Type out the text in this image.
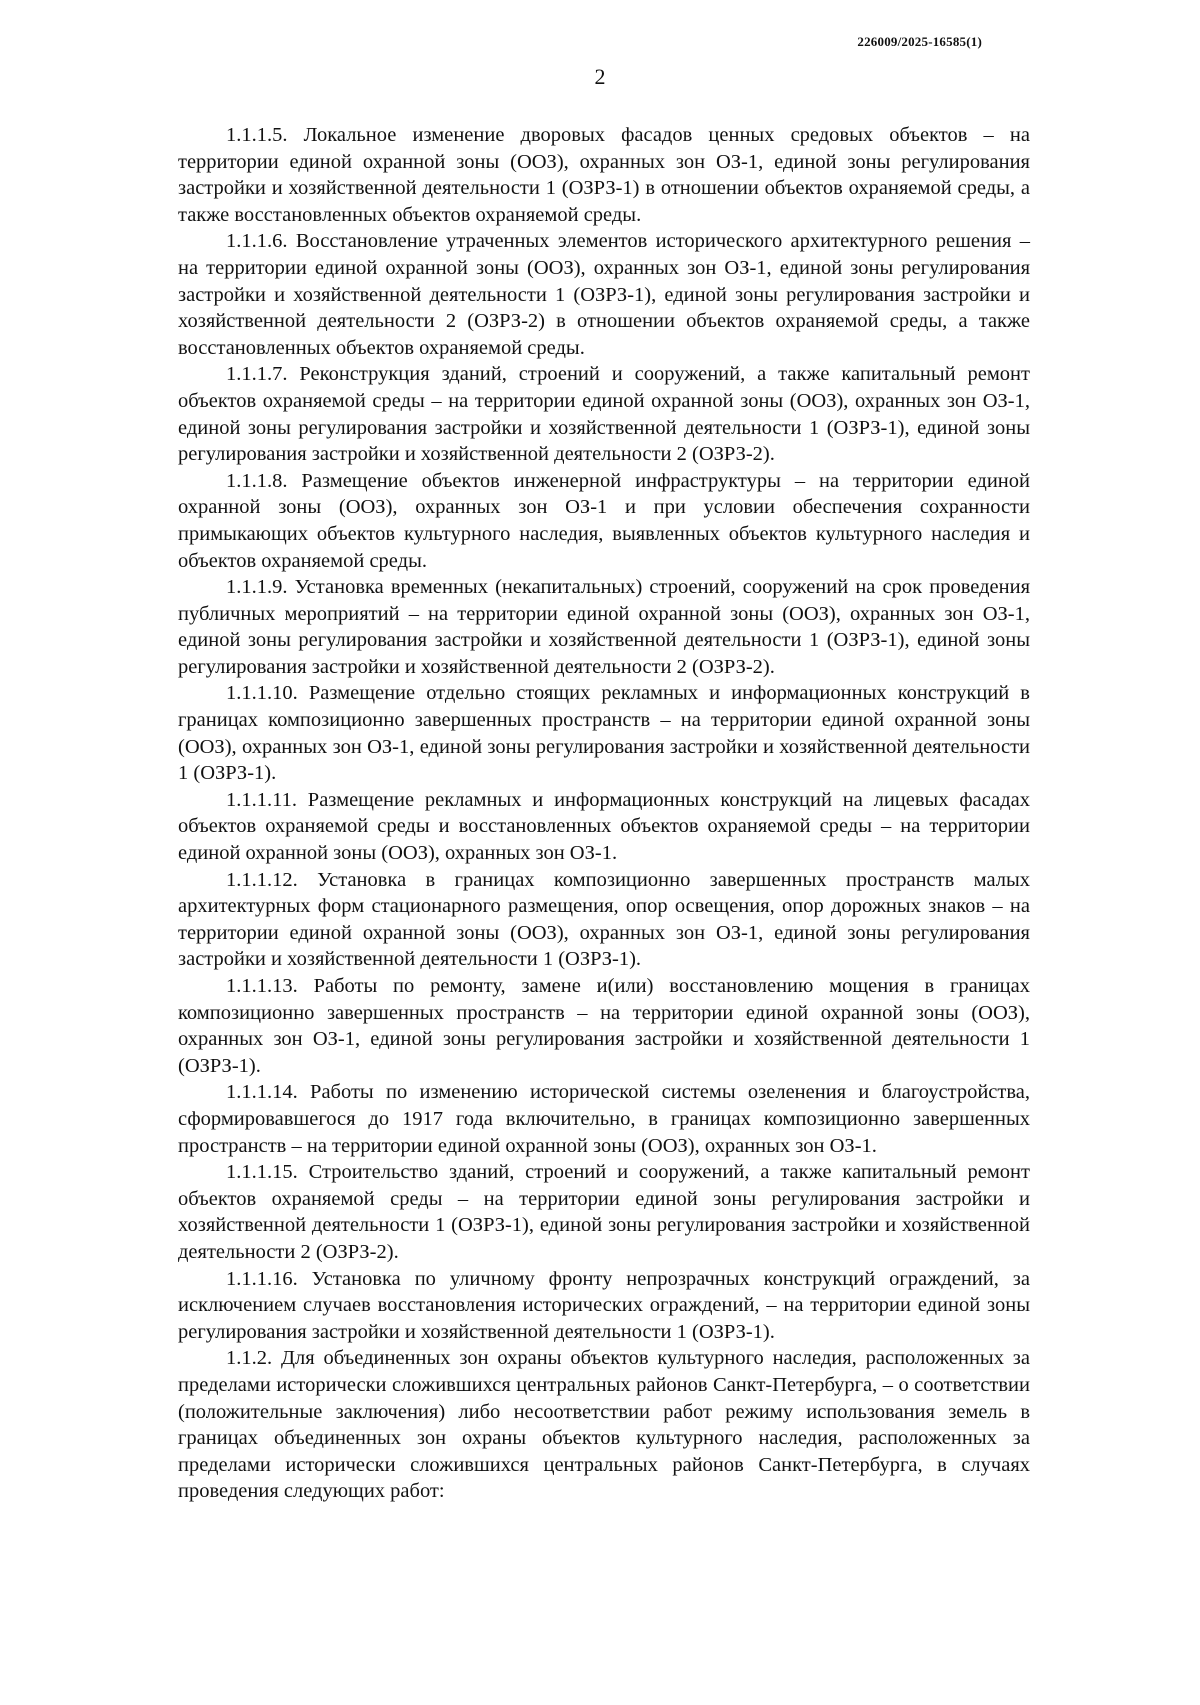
226009/2025-16585(1)
2

1.1.1.5. Локальное изменение дворовых фасадов ценных средовых объектов – на территории единой охранной зоны (ООЗ), охранных зон ОЗ-1, единой зоны регулирования застройки и хозяйственной деятельности 1 (ОЗРЗ-1) в отношении объектов охраняемой среды, а также восстановленных объектов охраняемой среды.

1.1.1.6. Восстановление утраченных элементов исторического архитектурного решения – на территории единой охранной зоны (ООЗ), охранных зон ОЗ-1, единой зоны регулирования застройки и хозяйственной деятельности 1 (ОЗРЗ-1), единой зоны регулирования застройки и хозяйственной деятельности 2 (ОЗРЗ-2) в отношении объектов охраняемой среды, а также восстановленных объектов охраняемой среды.

1.1.1.7. Реконструкция зданий, строений и сооружений, а также капитальный ремонт объектов охраняемой среды – на территории единой охранной зоны (ООЗ), охранных зон ОЗ-1, единой зоны регулирования застройки и хозяйственной деятельности 1 (ОЗРЗ-1), единой зоны регулирования застройки и хозяйственной деятельности 2 (ОЗРЗ-2).

1.1.1.8. Размещение объектов инженерной инфраструктуры – на территории единой охранной зоны (ООЗ), охранных зон ОЗ-1 и при условии обеспечения сохранности примыкающих объектов культурного наследия, выявленных объектов культурного наследия и объектов охраняемой среды.

1.1.1.9. Установка временных (некапитальных) строений, сооружений на срок проведения публичных мероприятий – на территории единой охранной зоны (ООЗ), охранных зон ОЗ-1, единой зоны регулирования застройки и хозяйственной деятельности 1 (ОЗРЗ-1), единой зоны регулирования застройки и хозяйственной деятельности 2 (ОЗРЗ-2).

1.1.1.10. Размещение отдельно стоящих рекламных и информационных конструкций в границах композиционно завершенных пространств – на территории единой охранной зоны (ООЗ), охранных зон ОЗ-1, единой зоны регулирования застройки и хозяйственной деятельности 1 (ОЗРЗ-1).

1.1.1.11. Размещение рекламных и информационных конструкций на лицевых фасадах объектов охраняемой среды и восстановленных объектов охраняемой среды – на территории единой охранной зоны (ООЗ), охранных зон ОЗ-1.

1.1.1.12. Установка в границах композиционно завершенных пространств малых архитектурных форм стационарного размещения, опор освещения, опор дорожных знаков – на территории единой охранной зоны (ООЗ), охранных зон ОЗ-1, единой зоны регулирования застройки и хозяйственной деятельности 1 (ОЗРЗ-1).

1.1.1.13. Работы по ремонту, замене и(или) восстановлению мощения в границах композиционно завершенных пространств – на территории единой охранной зоны (ООЗ), охранных зон ОЗ-1, единой зоны регулирования застройки и хозяйственной деятельности 1 (ОЗРЗ-1).

1.1.1.14. Работы по изменению исторической системы озеленения и благоустройства, сформировавшегося до 1917 года включительно, в границах композиционно завершенных пространств – на территории единой охранной зоны (ООЗ), охранных зон ОЗ-1.

1.1.1.15. Строительство зданий, строений и сооружений, а также капитальный ремонт объектов охраняемой среды – на территории единой зоны регулирования застройки и хозяйственной деятельности 1 (ОЗРЗ-1), единой зоны регулирования застройки и хозяйственной деятельности 2 (ОЗРЗ-2).

1.1.1.16. Установка по уличному фронту непрозрачных конструкций ограждений, за исключением случаев восстановления исторических ограждений, – на территории единой зоны регулирования застройки и хозяйственной деятельности 1 (ОЗРЗ-1).

1.1.2. Для объединенных зон охраны объектов культурного наследия, расположенных за пределами исторически сложившихся центральных районов Санкт-Петербурга, – о соответствии (положительные заключения) либо несоответствии работ режиму использования земель в границах объединенных зон охраны объектов культурного наследия, расположенных за пределами исторически сложившихся центральных районов Санкт-Петербурга, в случаях проведения следующих работ:
